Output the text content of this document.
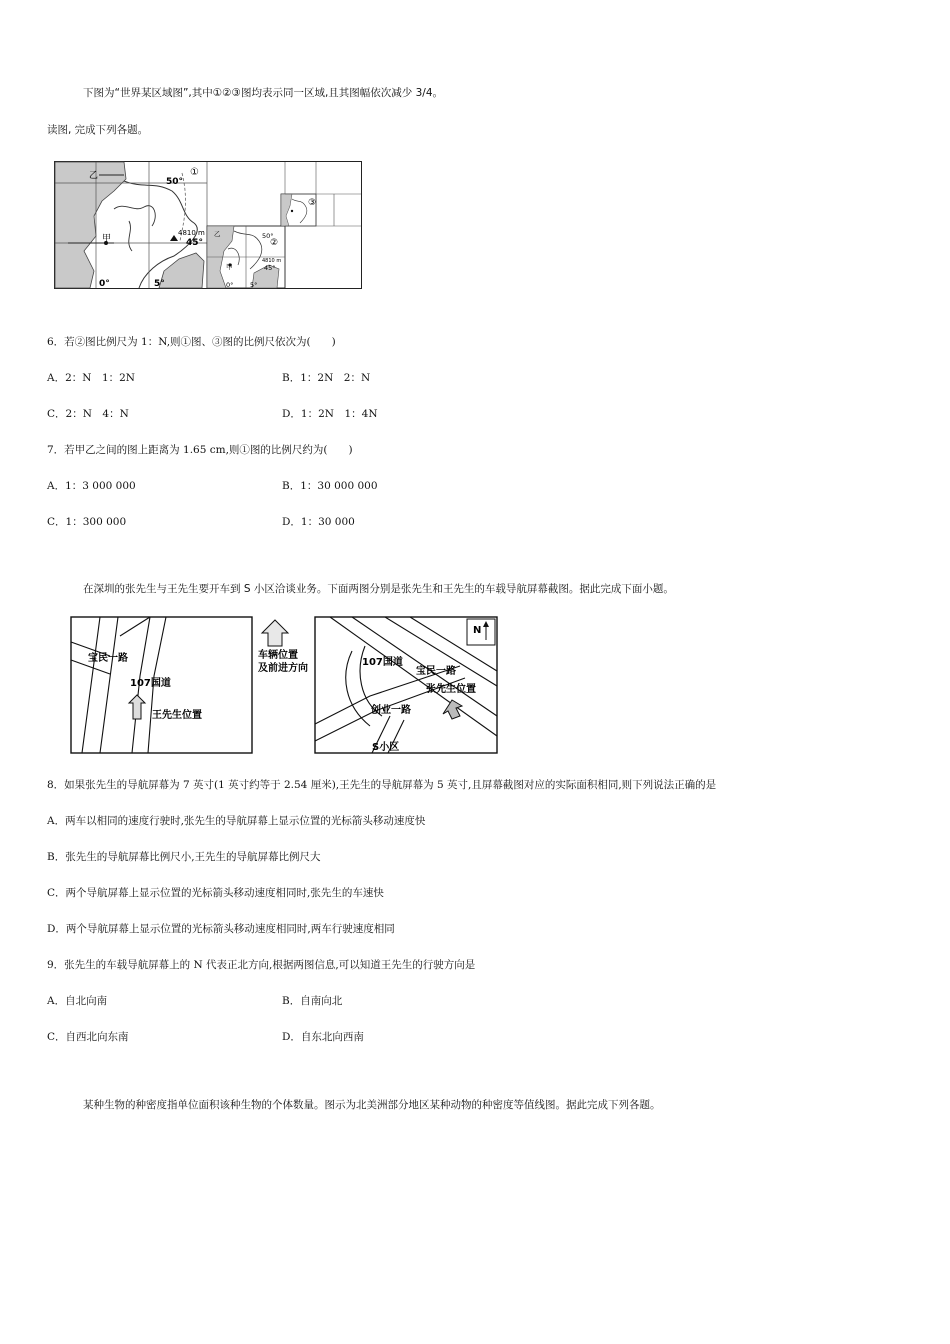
下图为“世界某区域图”,其中①②③图均表示同一区域,且其图幅依次减少 3/4。
读图, 完成下列各题。
乙
甲
50°
45°
4810 m
0°	5°
①
②
③
乙
甲
50°
45°
0°	5°
4810 m
6．若②图比例尺为 1：N,则①图、③图的比例尺依次为(　　)
A．2：N　1：2N	B．1：2N　2：N
C．2：N　4：N	D．1：2N　1：4N
7．若甲乙之间的图上距离为 1.65 cm,则①图的比例尺约为(　　)
A．1：3 000 000	B．1：30 000 000
C．1：300 000	D．1：30 000
在深圳的张先生与王先生要开车到 S 小区洽谈业务。下面两图分别是张先生和王先生的车载导航屏幕截图。据此完成下面小题。
宝民一路
107国道
王先生位置
车辆位置
及前进方向
N
107国道
宝民一路
张先生位置
创业一路
S小区
8．如果张先生的导航屏幕为 7 英寸(1 英寸约等于 2.54 厘米),王先生的导航屏幕为 5 英寸,且屏幕截图对应的实际面积相同,则下列说法正确的是
A．两车以相同的速度行驶时,张先生的导航屏幕上显示位置的光标箭头移动速度快
B．张先生的导航屏幕比例尺小,王先生的导航屏幕比例尺大
C．两个导航屏幕上显示位置的光标箭头移动速度相同时,张先生的车速快
D．两个导航屏幕上显示位置的光标箭头移动速度相同时,两车行驶速度相同
9．张先生的车载导航屏幕上的 N 代表正北方向,根据两图信息,可以知道王先生的行驶方向是
A．自北向南	B．自南向北
C．自西北向东南	D．自东北向西南
某种生物的种密度指单位面积该种生物的个体数量。图示为北美洲部分地区某种动物的种密度等值线图。据此完成下列各题。
